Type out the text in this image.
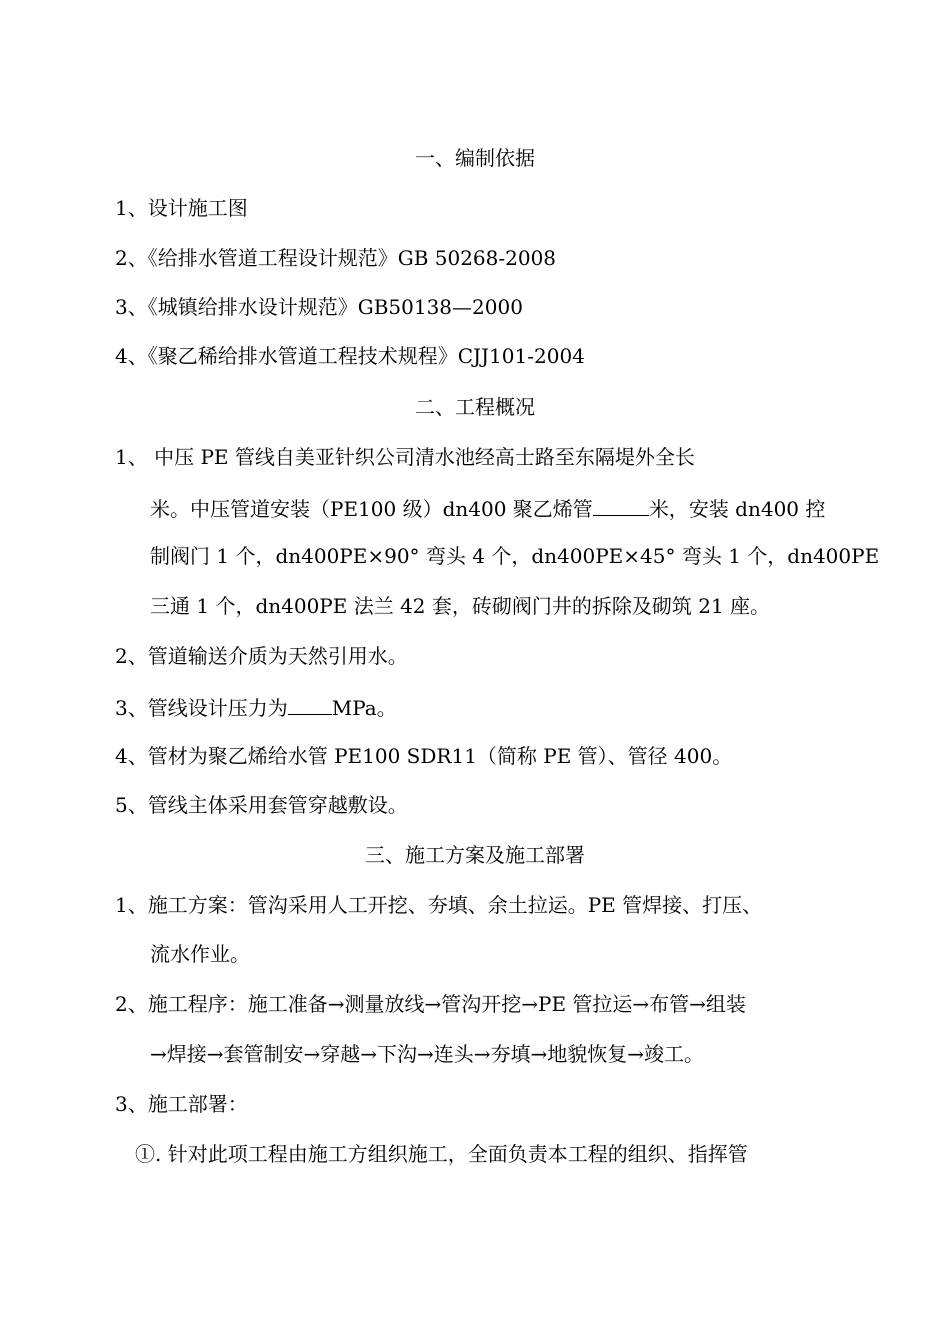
一、编制依据
1、设计施工图
2、《给排水管道工程设计规范》GB 50268-2008
3、《城镇给排水设计规范》GB50138—2000
4、《聚乙稀给排水管道工程技术规程》CJJ101-2004
二、工程概况
1、 中压 PE 管线自美亚针织公司清水池经高士路至东隔堤外全长
米。中压管道安装（PE100 级）dn400 聚乙烯管	米，安装 dn400 控
制阀门 1 个，dn400PE×90° 弯头 4 个，dn400PE×45° 弯头 1 个，dn400PE
三通 1 个，dn400PE 法兰 42 套，砖砌阀门井的拆除及砌筑 21 座。
2、管道输送介质为天然引用水。
3、管线设计压力为 MPa。
4、管材为聚乙烯给水管 PE100 SDR11（简称 PE 管）、管径 400。
5、管线主体采用套管穿越敷设。
三、施工方案及施工部署
1、施工方案：管沟采用人工开挖、夯填、余土拉运。PE 管焊接、打压、
流水作业。
2、施工程序：施工准备→测量放线→管沟开挖→PE 管拉运→布管→组装
→焊接→套管制安→穿越→下沟→连头→夯填→地貌恢复→竣工。
3、施工部署：
①. 针对此项工程由施工方组织施工，全面负责本工程的组织、指挥管
